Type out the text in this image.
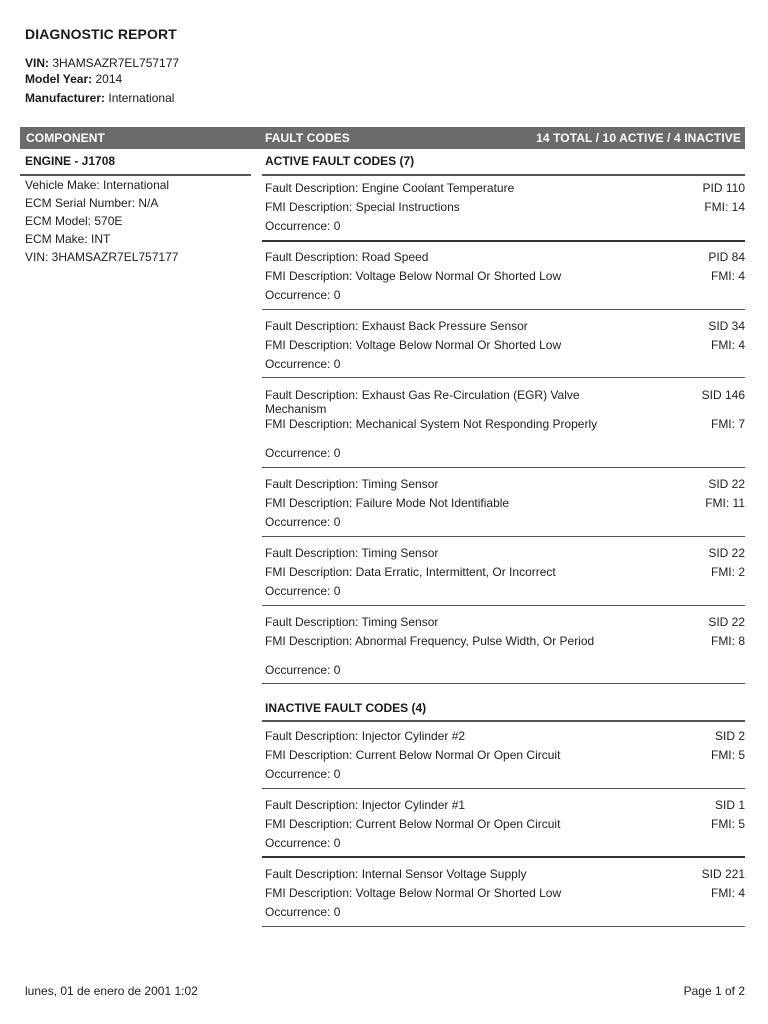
DIAGNOSTIC REPORT
VIN: 3HAMSAZR7EL757177
Model Year: 2014
Manufacturer: International
COMPONENT	FAULT CODES	14 TOTAL / 10 ACTIVE / 4 INACTIVE
ENGINE - J1708
Vehicle Make: International
ECM Serial Number: N/A
ECM Model: 570E
ECM Make: INT
VIN: 3HAMSAZR7EL757177
ACTIVE FAULT CODES (7)
Fault Description: Engine Coolant Temperature	PID 110
FMI Description: Special Instructions	FMI: 14
Occurrence: 0
Fault Description: Road Speed	PID 84
FMI Description: Voltage Below Normal Or Shorted Low	FMI: 4
Occurrence: 0
Fault Description: Exhaust Back Pressure Sensor	SID 34
FMI Description: Voltage Below Normal Or Shorted Low	FMI: 4
Occurrence: 0
Fault Description: Exhaust Gas Re-Circulation (EGR) Valve Mechanism
SID 146
FMI Description: Mechanical System Not Responding Properly	FMI: 7
Occurrence: 0
Fault Description: Timing Sensor	SID 22
FMI Description: Failure Mode Not Identifiable	FMI: 11
Occurrence: 0
Fault Description: Timing Sensor	SID 22
FMI Description: Data Erratic, Intermittent, Or Incorrect	FMI: 2
Occurrence: 0
Fault Description: Timing Sensor	SID 22
FMI Description: Abnormal Frequency, Pulse Width, Or Period	FMI: 8
Occurrence: 0
INACTIVE FAULT CODES (4)
Fault Description: Injector Cylinder #2	SID 2
FMI Description: Current Below Normal Or Open Circuit	FMI: 5
Occurrence: 0
Fault Description: Injector Cylinder #1	SID 1
FMI Description: Current Below Normal Or Open Circuit	FMI: 5
Occurrence: 0
Fault Description: Internal Sensor Voltage Supply	SID 221
FMI Description: Voltage Below Normal Or Shorted Low	FMI: 4
Occurrence: 0
lunes, 01 de enero de 2001 1:02	Page 1 of 2
